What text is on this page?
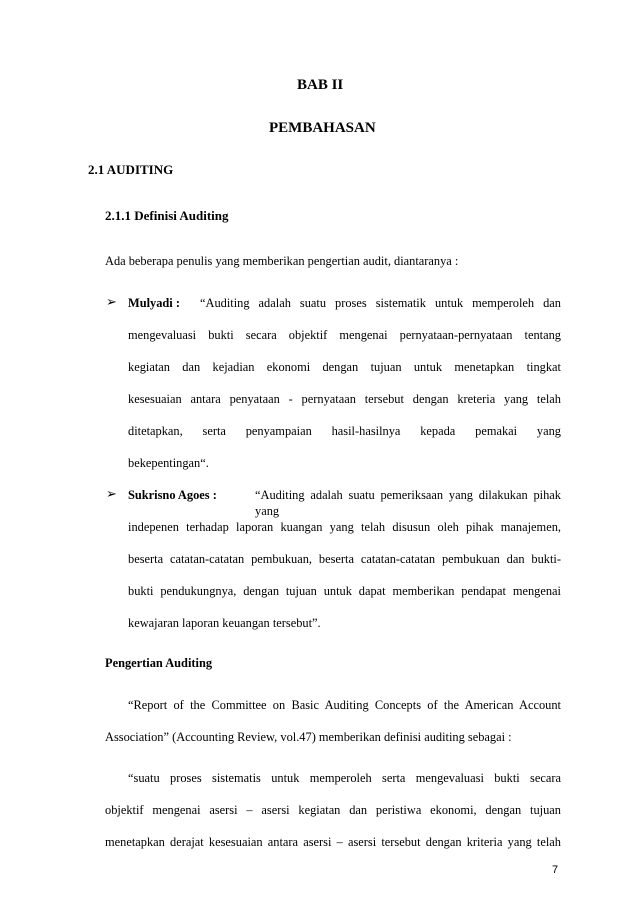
BAB II
PEMBAHASAN
2.1 AUDITING
2.1.1 Definisi Auditing
Ada beberapa penulis yang memberikan pengertian audit, diantaranya :
➢ Mulyadi : “Auditing adalah suatu proses sistematik untuk memperoleh dan
mengevaluasi bukti secara objektif mengenai pernyataan-pernyataan tentang
kegiatan dan kejadian ekonomi dengan tujuan untuk menetapkan tingkat
kesesuaian antara penyataan - pernyataan tersebut dengan kreteria yang telah
ditetapkan, serta penyampaian hasil-hasilnya kepada pemakai yang
bekepentingan“.
➢ Sukrisno Agoes :	“Auditing adalah suatu pemeriksaan yang dilakukan pihak yang
indepenen terhadap laporan kuangan yang telah disusun oleh pihak manajemen,
beserta catatan-catatan pembukuan, beserta catatan-catatan pembukuan dan bukti-
bukti pendukungnya, dengan tujuan untuk dapat memberikan pendapat mengenai
kewajaran laporan keuangan tersebut”.
Pengertian Auditing
“Report of the Committee on Basic Auditing Concepts of the American Account
Association” (Accounting Review, vol.47) memberikan definisi auditing sebagai :
“suatu proses sistematis untuk memperoleh serta mengevaluasi bukti secara
objektif mengenai asersi – asersi kegiatan dan peristiwa ekonomi, dengan tujuan
menetapkan derajat kesesuaian antara asersi – asersi tersebut dengan kriteria yang telah
7
